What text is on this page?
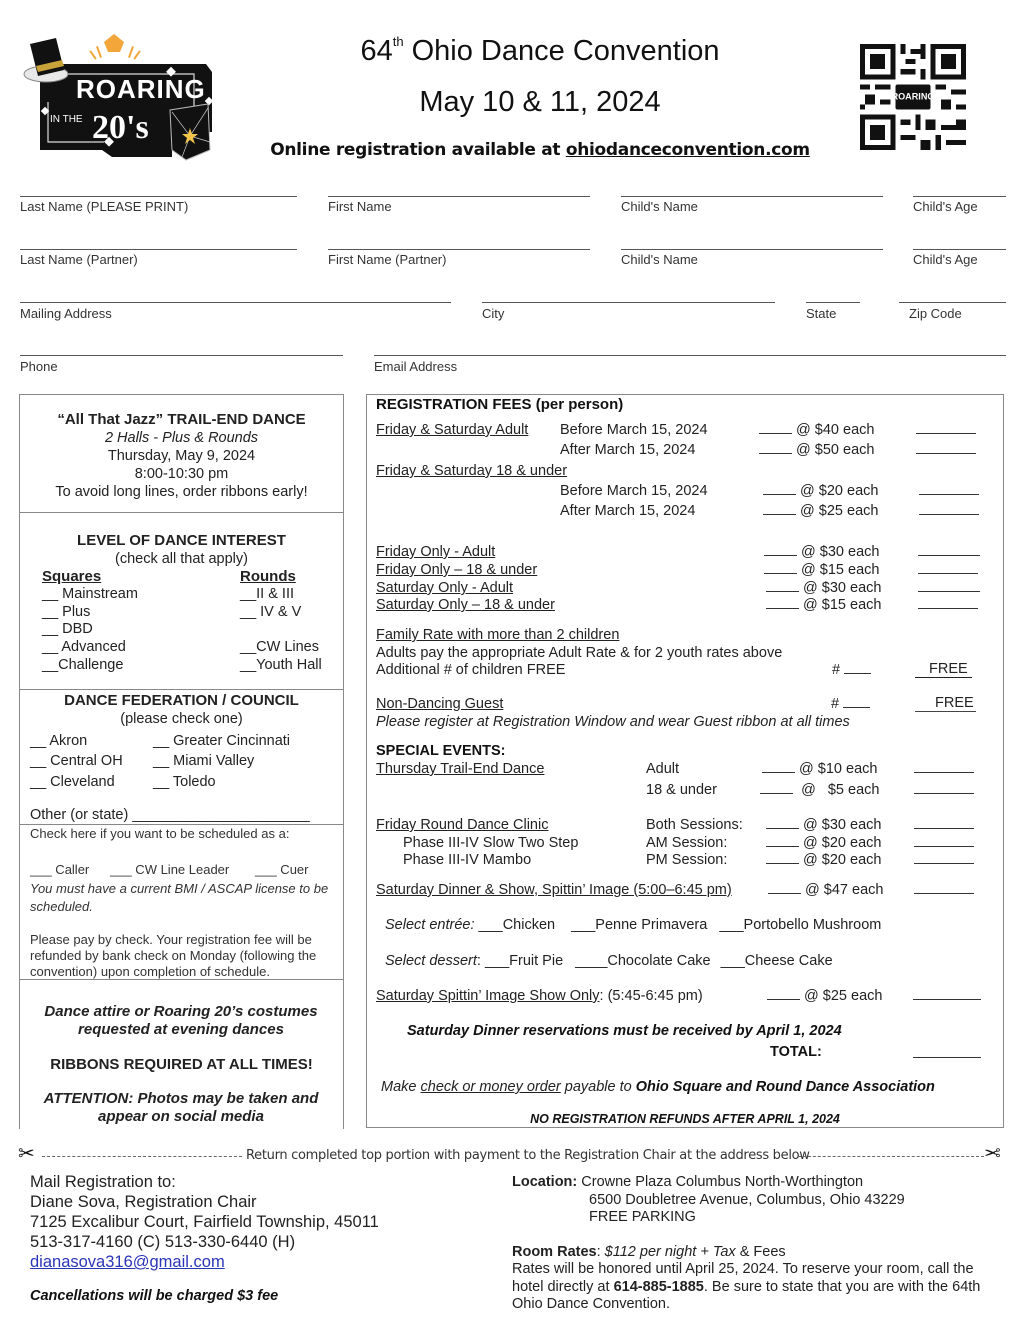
ROARING
IN THE 20's
64th Ohio Dance Convention
May 10 & 11, 2024
Online registration available at ohiodanceconvention.com
ROARING
Last Name (PLEASE PRINT)	First Name	Child's Name	Child's Age
Last Name (Partner)	First Name (Partner)	Child's Name	Child's Age
Mailing Address	City	State	Zip Code
Phone	Email Address
“All That Jazz” TRAIL-END DANCE
2 Halls - Plus & Rounds
Thursday, May 9, 2024
8:00-10:30 pm
To avoid long lines, order ribbons early!
LEVEL OF DANCE INTEREST
(check all that apply)
Squares	Rounds
__ Mainstream
__ Plus
__ DBD
__ Advanced
__Challenge
__II & III
__ IV & V
__CW Lines
__Youth Hall
DANCE FEDERATION / COUNCIL
(please check one)
__ Akron
__ Central OH
__ Cleveland
__ Greater Cincinnati
__ Miami Valley
__ Toledo
Other (or state) ______________________
Check here if you want to be scheduled as a:
___ Caller ___ CW Line Leader ___ Cuer
You must have a current BMI / ASCAP license to be scheduled.
Please pay by check. Your registration fee will be refunded by bank check on Monday (following the convention) upon completion of schedule.
Dance attire or Roaring 20’s costumes requested at evening dances
RIBBONS REQUIRED AT ALL TIMES!
ATTENTION: Photos may be taken and appear on social media
REGISTRATION FEES (per person)
Friday & Saturday Adult Before March 15, 2024	@ $40 each
After March 15, 2024	@ $50 each
Friday & Saturday 18 & under
Before March 15, 2024	@ $20 each
After March 15, 2024	@ $25 each
Friday Only - Adult	@ $30 each
Friday Only – 18 & under	@ $15 each
Saturday Only - Adult	@ $30 each
Saturday Only – 18 & under	@ $15 each
Family Rate with more than 2 children
Adults pay the appropriate Adult Rate & for 2 youth rates above
Additional # of children FREE	#	FREE
Non-Dancing Guest	#	FREE
Please register at Registration Window and wear Guest ribbon at all times
SPECIAL EVENTS:
Thursday Trail-End Dance	Adult	@ $10 each
18 & under	@   $5 each
Friday Round Dance Clinic	Both Sessions:	@ $30 each
Phase III-IV Slow Two Step	AM Session:	@ $20 each
Phase III-IV Mambo	PM Session:	@ $20 each
Saturday Dinner & Show, Spittin’ Image (5:00–6:45 pm)	@ $47 each
Select entrée: ___Chicken ___Penne Primavera ___Portobello Mushroom
Select dessert: ___Fruit Pie ____Chocolate Cake ___Cheese Cake
Saturday Spittin’ Image Show Only: (5:45-6:45 pm)	@ $25 each
Saturday Dinner reservations must be received by April 1, 2024
TOTAL:
Make check or money order payable to Ohio Square and Round Dance Association
NO REGISTRATION REFUNDS AFTER APRIL 1, 2024
✂	Return completed top portion with payment to the Registration Chair at the address below	✂
Mail Registration to:
Diane Sova, Registration Chair
7125 Excalibur Court, Fairfield Township, 45011
513-317-4160 (C) 513-330-6440 (H)
dianasova316@gmail.com
Cancellations will be charged $3 fee
Location: Crowne Plaza Columbus North-Worthington
6500 Doubletree Avenue, Columbus, Ohio 43229
FREE PARKING
Room Rates: $112 per night + Tax & Fees
Rates will be honored until April 25, 2024. To reserve your room, call the hotel directly at 614-885-1885. Be sure to state that you are with the 64th Ohio Dance Convention.
